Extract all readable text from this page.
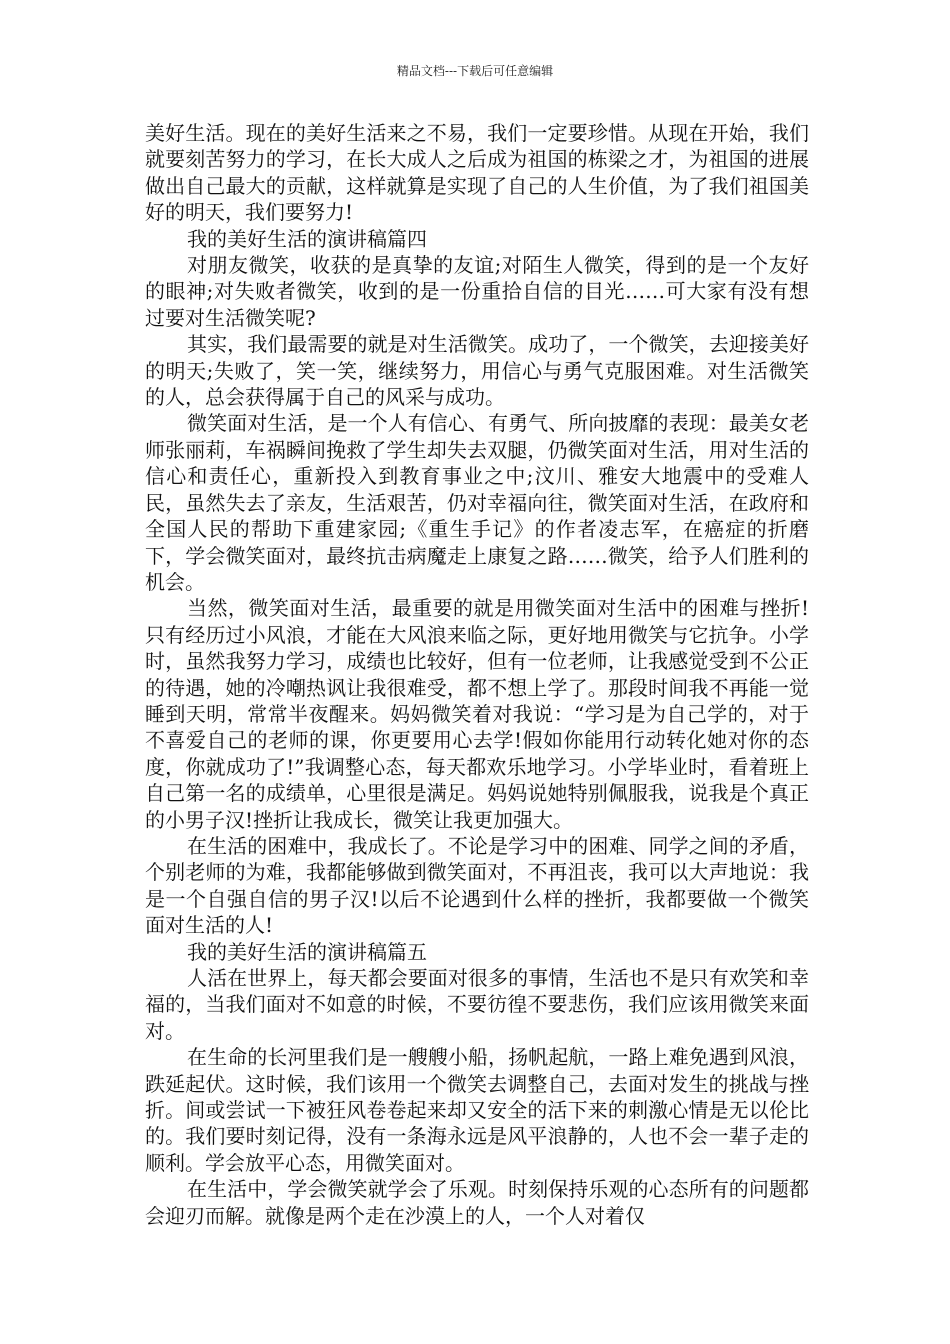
精品文档---下载后可任意编辑

美好生活。现在的美好生活来之不易，我们一定要珍惜。从现在开始，我们就要刻苦努力的学习，在长大成人之后成为祖国的栋梁之才，为祖国的进展做出自己最大的贡献，这样就算是实现了自己的人生价值，为了我们祖国美好的明天，我们要努力!

我的美好生活的演讲稿篇四

对朋友微笑，收获的是真挚的友谊;对陌生人微笑，得到的是一个友好的眼神;对失败者微笑，收到的是一份重拾自信的目光……可大家有没有想过要对生活微笑呢?

其实，我们最需要的就是对生活微笑。成功了，一个微笑，去迎接美好的明天;失败了，笑一笑，继续努力，用信心与勇气克服困难。对生活微笑的人，总会获得属于自己的风采与成功。

微笑面对生活，是一个人有信心、有勇气、所向披靡的表现：最美女老师张丽莉，车祸瞬间挽救了学生却失去双腿，仍微笑面对生活，用对生活的信心和责任心，重新投入到教育事业之中;汶川、雅安大地震中的受难人民，虽然失去了亲友，生活艰苦，仍对幸福向往，微笑面对生活，在政府和全国人民的帮助下重建家园;《重生手记》的作者凌志军，在癌症的折磨下，学会微笑面对，最终抗击病魔走上康复之路……微笑，给予人们胜利的机会。

当然，微笑面对生活，最重要的就是用微笑面对生活中的困难与挫折!只有经历过小风浪，才能在大风浪来临之际，更好地用微笑与它抗争。小学时，虽然我努力学习，成绩也比较好，但有一位老师，让我感觉受到不公正的待遇，她的冷嘲热讽让我很难受，都不想上学了。那段时间我不再能一觉睡到天明，常常半夜醒来。妈妈微笑着对我说：“学习是为自己学的，对于不喜爱自己的老师的课，你更要用心去学!假如你能用行动转化她对你的态度，你就成功了!”我调整心态，每天都欢乐地学习。小学毕业时，看着班上自己第一名的成绩单，心里很是满足。妈妈说她特别佩服我，说我是个真正的小男子汉!挫折让我成长，微笑让我更加强大。

在生活的困难中，我成长了。不论是学习中的困难、同学之间的矛盾，个别老师的为难，我都能够做到微笑面对，不再沮丧，我可以大声地说：我是一个自强自信的男子汉!以后不论遇到什么样的挫折，我都要做一个微笑面对生活的人!

我的美好生活的演讲稿篇五

人活在世界上，每天都会要面对很多的事情，生活也不是只有欢笑和幸福的，当我们面对不如意的时候，不要彷徨不要悲伤，我们应该用微笑来面对。

在生命的长河里我们是一艘艘小船，扬帆起航，一路上难免遇到风浪，跌延起伏。这时候，我们该用一个微笑去调整自己，去面对发生的挑战与挫折。间或尝试一下被狂风卷卷起来却又安全的活下来的刺激心情是无以伦比的。我们要时刻记得，没有一条海永远是风平浪静的，人也不会一辈子走的顺利。学会放平心态，用微笑面对。

在生活中，学会微笑就学会了乐观。时刻保持乐观的心态所有的问题都会迎刃而解。就像是两个走在沙漠上的人，一个人对着仅
